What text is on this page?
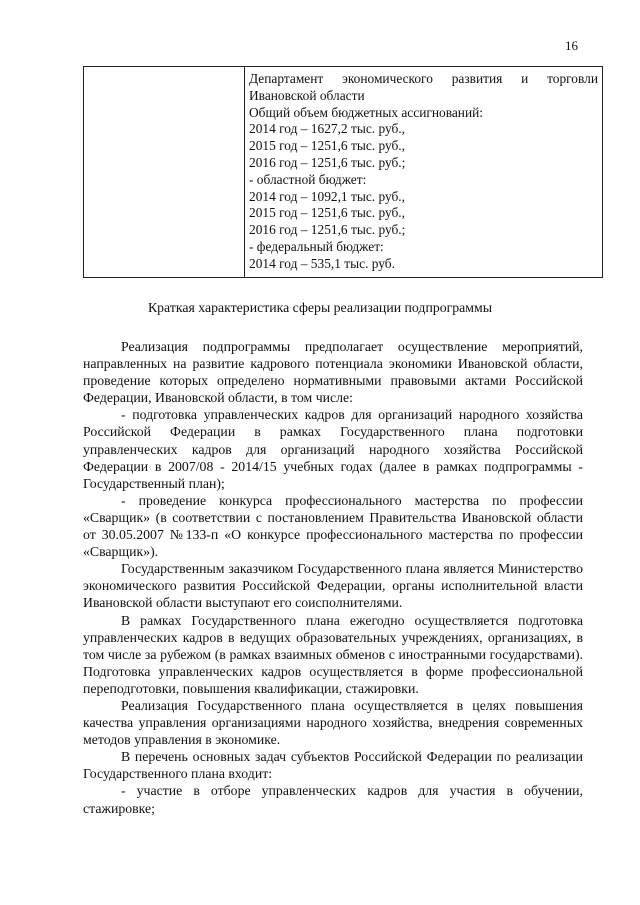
16

Департамент экономического развития и торговли
Ивановской области
Общий объем бюджетных ассигнований:
2014 год – 1627,2 тыс. руб.,
2015 год – 1251,6 тыс. руб.,
2016 год – 1251,6 тыс. руб.;
- областной бюджет:
2014 год – 1092,1 тыс. руб.,
2015 год – 1251,6 тыс. руб.,
2016 год – 1251,6 тыс. руб.;
- федеральный бюджет:
2014 год – 535,1 тыс. руб.
Краткая характеристика сферы реализации подпрограммы

Реализация подпрограммы предполагает осуществление мероприятий, направленных на развитие кадрового потенциала экономики Ивановской области, проведение которых определено нормативными правовыми актами Российской Федерации, Ивановской области, в том числе:

- подготовка управленческих кадров для организаций народного хозяйства Российской Федерации в рамках Государственного плана подготовки управленческих кадров для организаций народного хозяйства Российской Федерации в 2007/08 - 2014/15 учебных годах (далее в рамках подпрограммы - Государственный план);

- проведение конкурса профессионального мастерства по профессии «Сварщик» (в соответствии с постановлением Правительства Ивановской области от 30.05.2007 №133-п «О конкурсе профессионального мастерства по профессии «Сварщик»).

Государственным заказчиком Государственного плана является Министерство экономического развития Российской Федерации, органы исполнительной власти Ивановской области выступают его соисполнителями.

В рамках Государственного плана ежегодно осуществляется подготовка управленческих кадров в ведущих образовательных учреждениях, организациях, в том числе за рубежом (в рамках взаимных обменов с иностранными государствами). Подготовка управленческих кадров осуществляется в форме профессиональной переподготовки, повышения квалификации, стажировки.

Реализация Государственного плана осуществляется в целях повышения качества управления организациями народного хозяйства, внедрения современных методов управления в экономике.

В перечень основных задач субъектов Российской Федерации по реализации Государственного плана входит:

- участие в отборе управленческих кадров для участия в обучении, стажировке;
